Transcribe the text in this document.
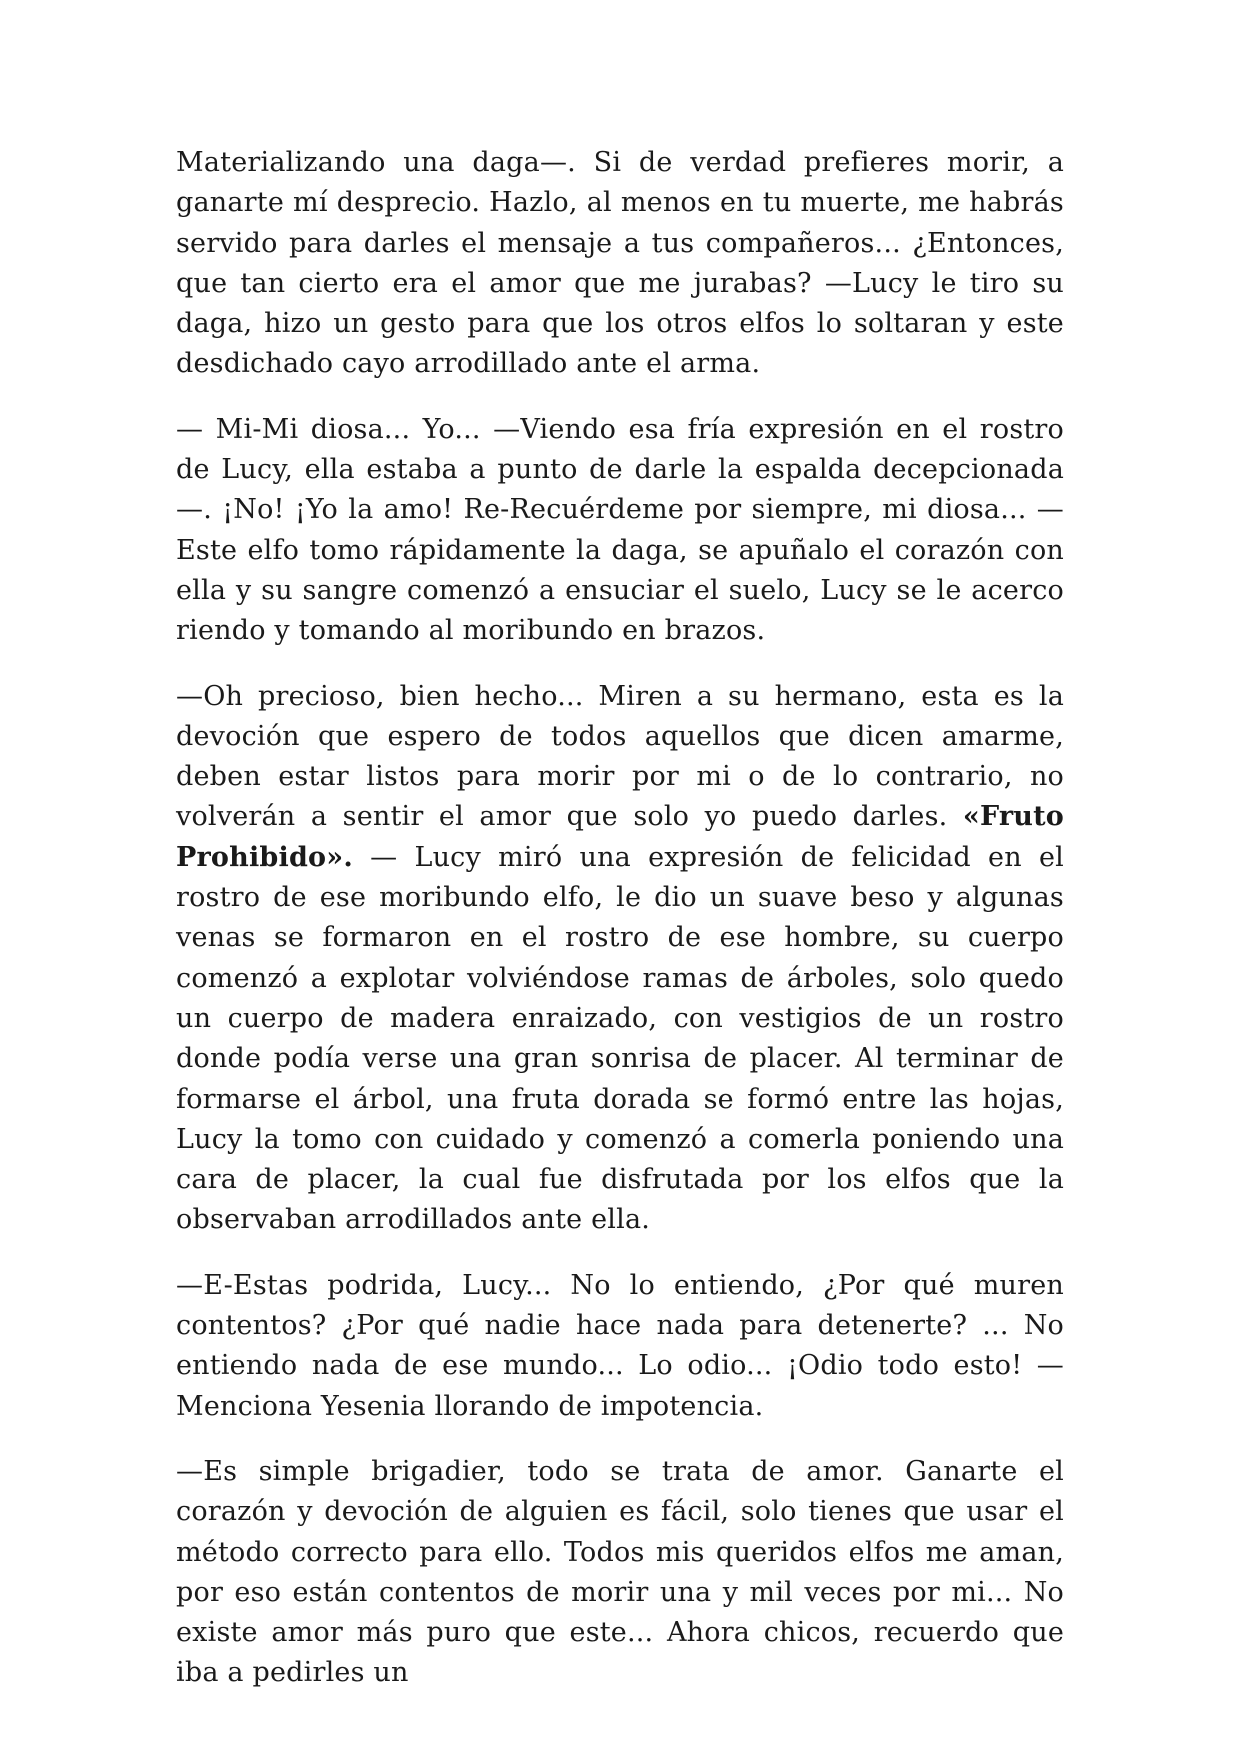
Materializando una daga—. Si de verdad prefieres morir, a ganarte mí desprecio. Hazlo, al menos en tu muerte, me habrás servido para darles el mensaje a tus compañeros... ¿Entonces, que tan cierto era el amor que me jurabas? —Lucy le tiro su daga, hizo un gesto para que los otros elfos lo soltaran y este desdichado cayo arrodillado ante el arma.

— Mi-Mi diosa... Yo... —Viendo esa fría expresión en el rostro de Lucy, ella estaba a punto de darle la espalda decepcionada—. ¡No! ¡Yo la amo! Re-Recuérdeme por siempre, mi diosa... —Este elfo tomo rápidamente la daga, se apuñalo el corazón con ella y su sangre comenzó a ensuciar el suelo, Lucy se le acerco riendo y tomando al moribundo en brazos.

—Oh precioso, bien hecho... Miren a su hermano, esta es la devoción que espero de todos aquellos que dicen amarme, deben estar listos para morir por mi o de lo contrario, no volverán a sentir el amor que solo yo puedo darles. «Fruto Prohibido». — Lucy miró una expresión de felicidad en el rostro de ese moribundo elfo, le dio un suave beso y algunas venas se formaron en el rostro de ese hombre, su cuerpo comenzó a explotar volviéndose ramas de árboles, solo quedo un cuerpo de madera enraizado, con vestigios de un rostro donde podía verse una gran sonrisa de placer. Al terminar de formarse el árbol, una fruta dorada se formó entre las hojas, Lucy la tomo con cuidado y comenzó a comerla poniendo una cara de placer, la cual fue disfrutada por los elfos que la observaban arrodillados ante ella.

—E-Estas podrida, Lucy... No lo entiendo, ¿Por qué muren contentos? ¿Por qué nadie hace nada para detenerte? ... No entiendo nada de ese mundo... Lo odio... ¡Odio todo esto! — Menciona Yesenia llorando de impotencia.

—Es simple brigadier, todo se trata de amor. Ganarte el corazón y devoción de alguien es fácil, solo tienes que usar el método correcto para ello. Todos mis queridos elfos me aman, por eso están contentos de morir una y mil veces por mi... No existe amor más puro que este... Ahora chicos, recuerdo que iba a pedirles un
